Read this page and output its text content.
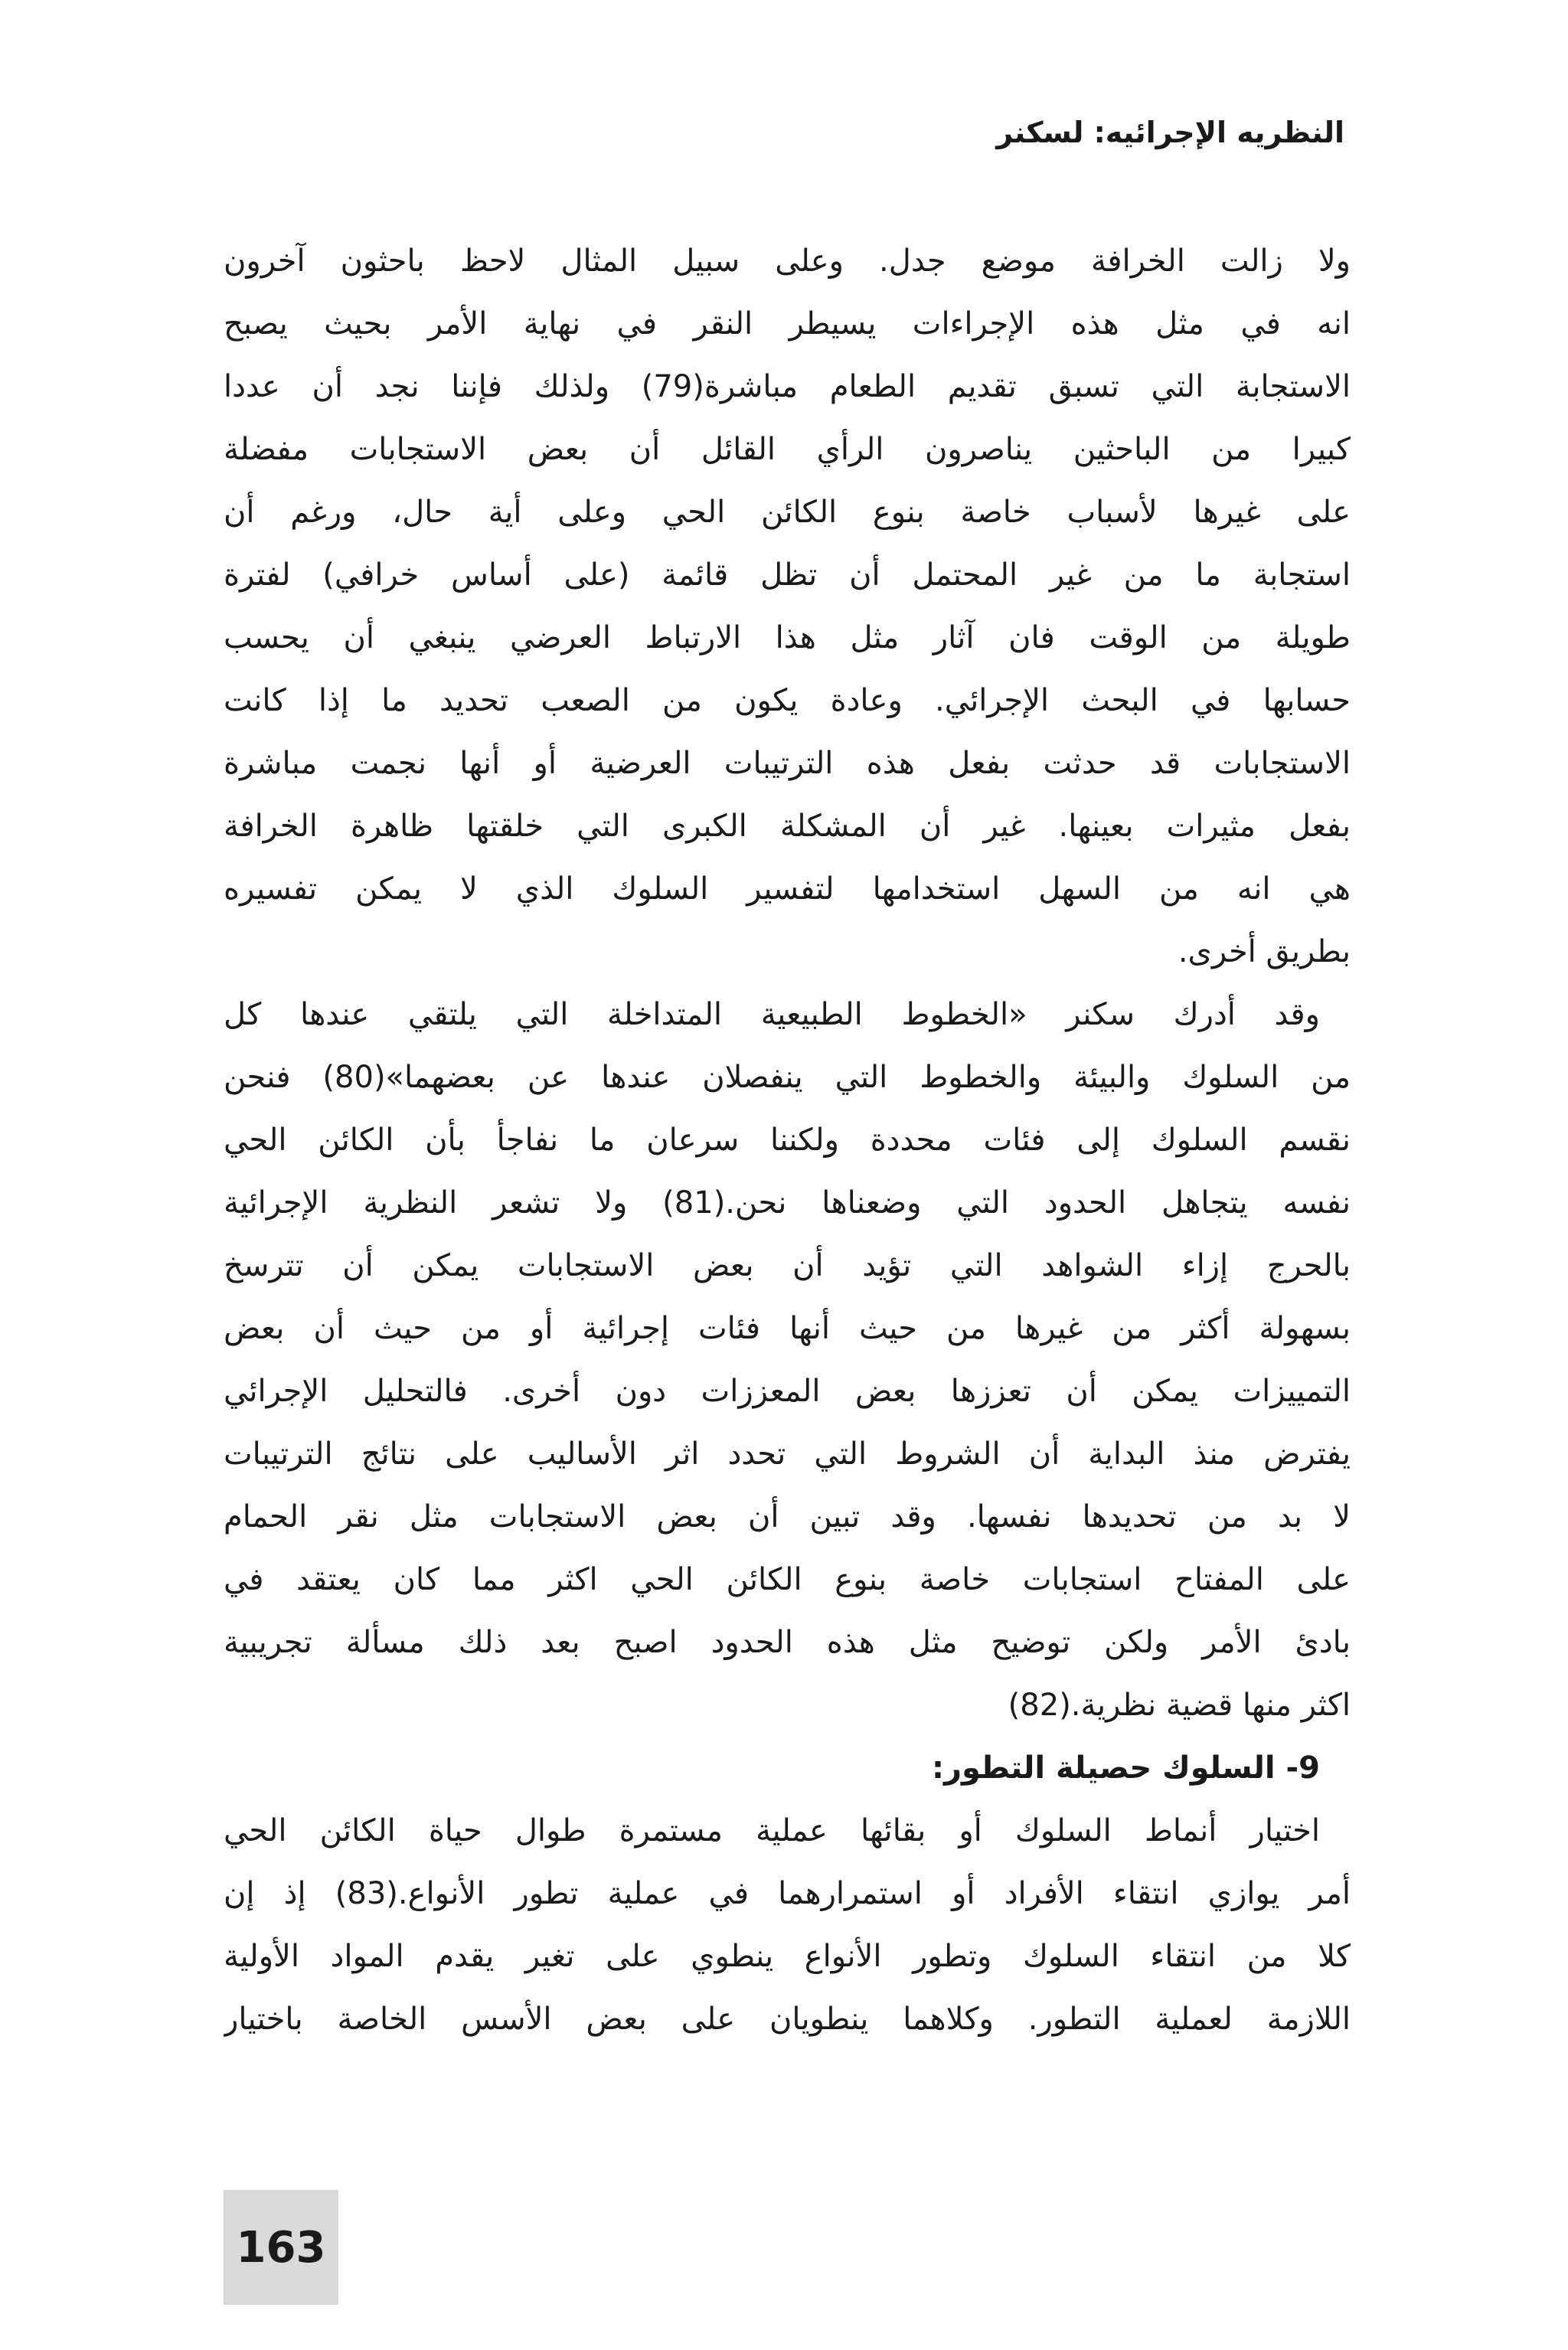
النظريه الإجرائيه: لسكنر
ولا زالت الخرافة موضع جدل. وعلى سبيل المثال لاحظ باحثون آخرون
انه في مثل هذه الإجراءات يسيطر النقر في نهاية الأمر بحيث يصبح
الاستجابة التي تسبق تقديم الطعام مباشرة(79) ولذلك فإننا نجد أن عددا
كبيرا من الباحثين يناصرون الرأي القائل أن بعض الاستجابات مفضلة
على غيرها لأسباب خاصة بنوع الكائن الحي وعلى أية حال، ورغم أن
استجابة ما من غير المحتمل أن تظل قائمة (على أساس خرافي) لفترة
طويلة من الوقت فان آثار مثل هذا الارتباط العرضي ينبغي أن يحسب
حسابها في البحث الإجرائي. وعادة يكون من الصعب تحديد ما إذا كانت
الاستجابات قد حدثت بفعل هذه الترتيبات العرضية أو أنها نجمت مباشرة
بفعل مثيرات بعينها. غير أن المشكلة الكبرى التي خلقتها ظاهرة الخرافة
هي انه من السهل استخدامها لتفسير السلوك الذي لا يمكن تفسيره
بطريق أخرى.
وقد أدرك سكنر «الخطوط الطبيعية المتداخلة التي يلتقي عندها كل
من السلوك والبيئة والخطوط التي ينفصلان عندها عن بعضهما»(80) فنحن
نقسم السلوك إلى فئات محددة ولكننا سرعان ما نفاجأ بأن الكائن الحي
نفسه يتجاهل الحدود التي وضعناها نحن.(81) ولا تشعر النظرية الإجرائية
بالحرج إزاء الشواهد التي تؤيد أن بعض الاستجابات يمكن أن تترسخ
بسهولة أكثر من غيرها من حيث أنها فئات إجرائية أو من حيث أن بعض
التمييزات يمكن أن تعززها بعض المعززات دون أخرى. فالتحليل الإجرائي
يفترض منذ البداية أن الشروط التي تحدد اثر الأساليب على نتائج الترتيبات
لا بد من تحديدها نفسها. وقد تبين أن بعض الاستجابات مثل نقر الحمام
على المفتاح استجابات خاصة بنوع الكائن الحي اكثر مما كان يعتقد في
بادئ الأمر ولكن توضيح مثل هذه الحدود اصبح بعد ذلك مسألة تجريبية
اكثر منها قضية نظرية.(82)
9- السلوك حصيلة التطور:
اختيار أنماط السلوك أو بقائها عملية مستمرة طوال حياة الكائن الحي
أمر يوازي انتقاء الأفراد أو استمرارهما في عملية تطور الأنواع.(83) إذ إن
كلا من انتقاء السلوك وتطور الأنواع ينطوي على تغير يقدم المواد الأولية
اللازمة لعملية التطور. وكلاهما ينطويان على بعض الأسس الخاصة باختيار
163
